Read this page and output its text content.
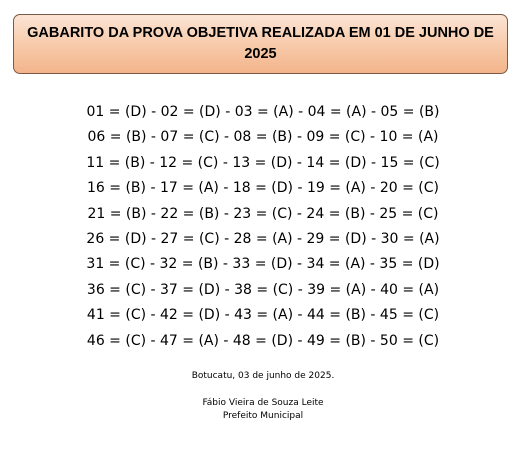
GABARITO DA PROVA OBJETIVA REALIZADA EM 01 DE JUNHO DE 2025
01 = (D) - 02 = (D) - 03 = (A) - 04 = (A) - 05 = (B)
06 = (B) - 07 = (C) - 08 = (B) - 09 = (C) - 10 = (A)
11 = (B) - 12 = (C) - 13 = (D) - 14 = (D) - 15 = (C)
16 = (B) - 17 = (A) - 18 = (D) - 19 = (A) - 20 = (C)
21 = (B) - 22 = (B) - 23 = (C) - 24 = (B) - 25 = (C)
26 = (D) - 27 = (C) - 28 = (A) - 29 = (D) - 30 = (A)
31 = (C) - 32 = (B) - 33 = (D) - 34 = (A) - 35 = (D)
36 = (C) - 37 = (D) - 38 = (C) - 39 = (A) - 40 = (A)
41 = (C) - 42 = (D) - 43 = (A) - 44 = (B) - 45 = (C)
46 = (C) - 47 = (A) - 48 = (D) - 49 = (B) - 50 = (C)
Botucatu, 03 de junho de 2025.
Fábio Vieira de Souza Leite
Prefeito Municipal
